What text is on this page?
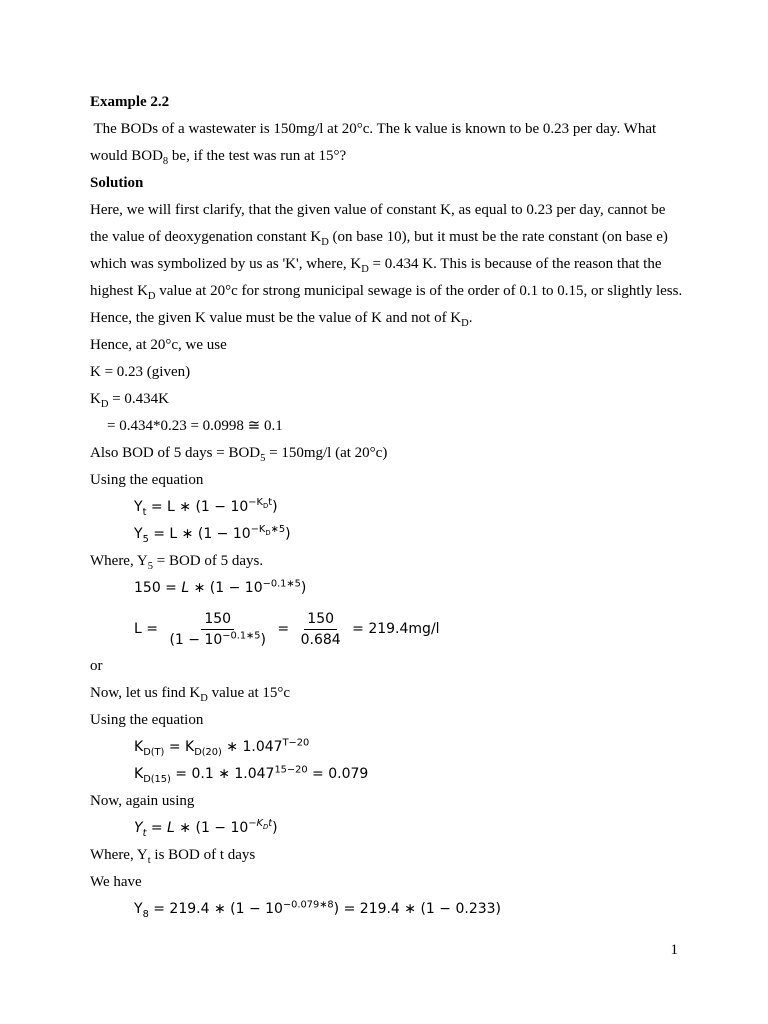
Example 2.2
The BODs of a wastewater is 150mg/l at 20°c. The k value is known to be 0.23 per day. What
would $BOD_8$ be, if the test was run at 15°?
Solution
Here, we will first clarify, that the given value of constant K, as equal to 0.23 per day, cannot be
the value of deoxygenation constant $K_D$ (on base 10), but it must be the rate constant (on base e)
which was symbolized by us as 'K', where, $K_D = 0.434$ K. This is because of the reason that the
highest $K_D$ value at 20°c for strong municipal sewage is of the order of 0.1 to 0.15, or slightly less.
Hence, the given K value must be the value of K and not of $K_D$.
Hence, at 20°c, we use
K = 0.23 (given)
$K_D = 0.434K$
= 0.434*0.23 = 0.0998 ≅ 0.1
Also BOD of 5 days = $BOD_5 = 150mg/l$ (at 20°c)
Using the equation
$Y_t = L$ ∗ $(1 - 10^{-K_Dt})$
$Y_5 = L$ ∗ $(1 - 10^{-K_D∗5})$
Where, $Y_5$ = BOD of 5 days.
150 = L ∗ $(1 - 10^{-0.1∗5})$
$L = \frac{150}{(1 - 10^{-0.1∗5})} = \frac{150}{0.684} = 219.4mg/l$
or
Now, let us find $K_D$ value at 15°c
Using the equation
$K_{D(T)} = K_{D(20)}$ ∗ $1.047^{T-20}$
$K_{D(15)} = 0.1$ ∗ $1.047^{15-20} = 0.079$
Now, again using
$Y_t = L$ ∗ $(1 - 10^{-K_Dt})$
Where, $Y_t$ is BOD of t days
We have
$Y_8 = 219.4$ ∗ $(1 - 10^{-0.079∗8}) = 219.4$ ∗ (1 − 0.233)
1
